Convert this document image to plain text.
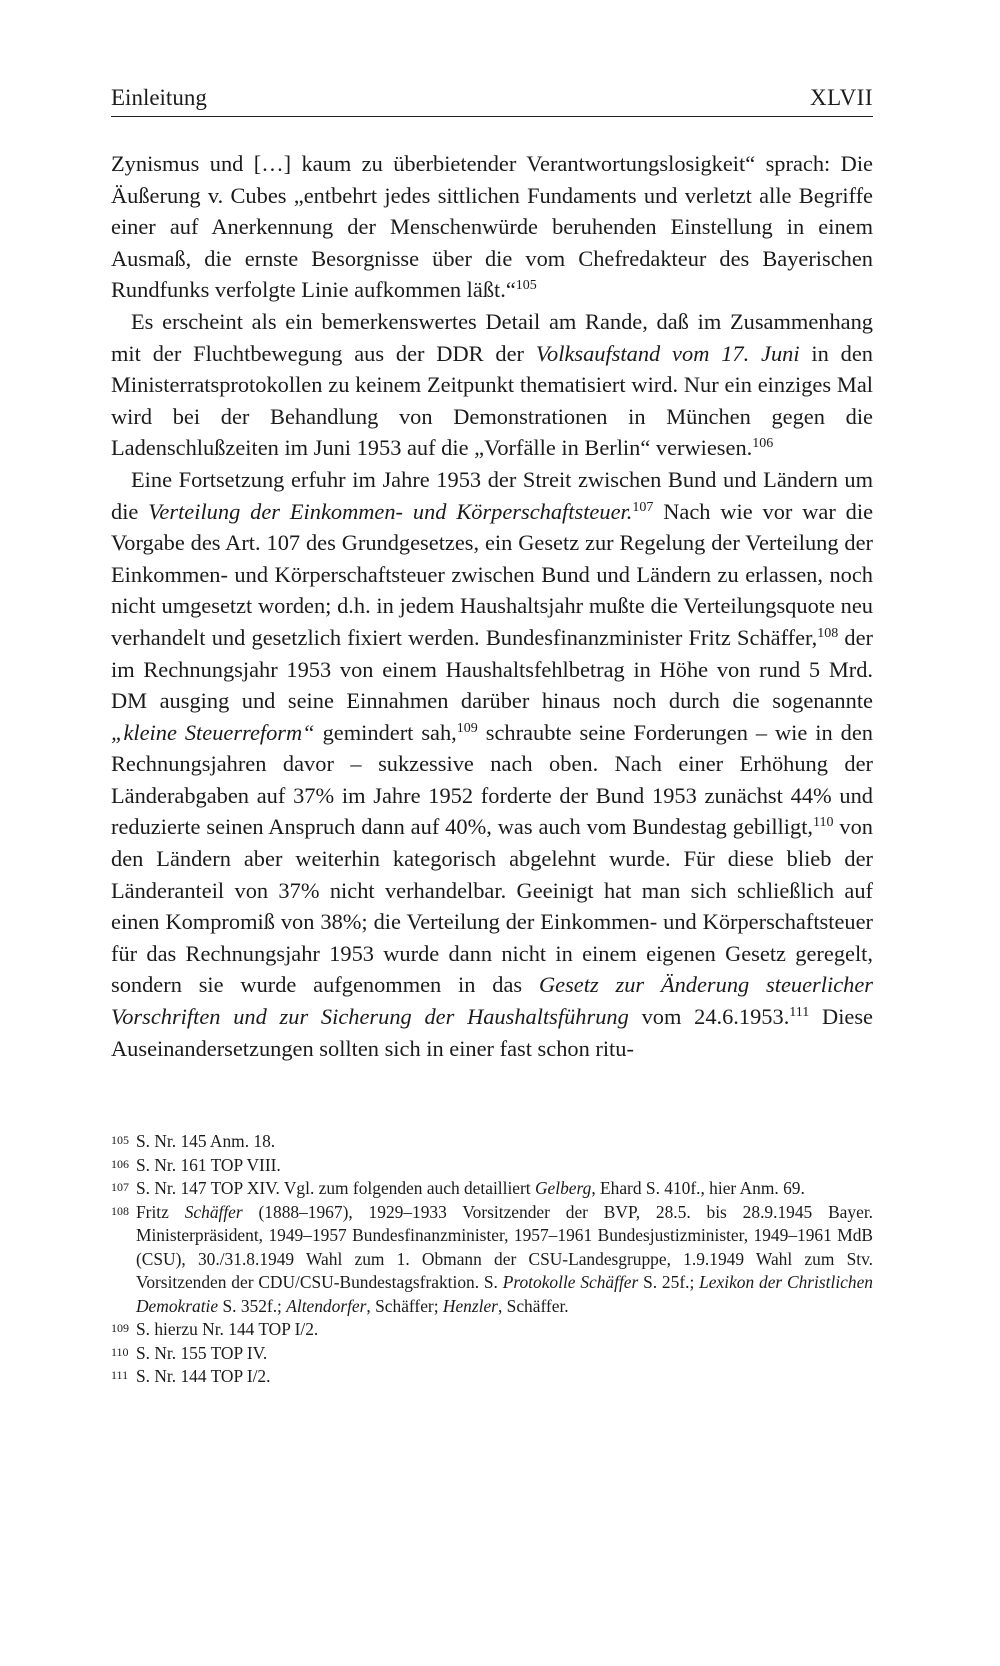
Einleitung	XLVII

Zynismus und […] kaum zu überbietender Verantwortungslosigkeit“ sprach: Die Äußerung v. Cubes „entbehrt jedes sittlichen Fundaments und verletzt alle Begriffe einer auf Anerkennung der Menschenwürde beruhenden Einstellung in einem Ausmaß, die ernste Besorgnisse über die vom Chefredakteur des Bayerischen Rundfunks verfolgte Linie aufkommen läßt.“$^{105}$

Es erscheint als ein bemerkenswertes Detail am Rande, daß im Zusammenhang mit der Fluchtbewegung aus der DDR der Volksaufstand vom 17. Juni in den Ministerratsprotokollen zu keinem Zeitpunkt thematisiert wird. Nur ein einziges Mal wird bei der Behandlung von Demonstrationen in München gegen die Ladenschlußzeiten im Juni 1953 auf die „Vorfälle in Berlin“ verwiesen.$^{106}$

Eine Fortsetzung erfuhr im Jahre 1953 der Streit zwischen Bund und Ländern um die Verteilung der Einkommen- und Körperschaftsteuer.$^{107}$ Nach wie vor war die Vorgabe des Art. 107 des Grundgesetzes, ein Gesetz zur Regelung der Verteilung der Einkommen- und Körperschaftsteuer zwischen Bund und Ländern zu erlassen, noch nicht umgesetzt worden; d.h. in jedem Haushaltsjahr mußte die Verteilungsquote neu verhandelt und gesetzlich fixiert werden. Bundesfinanzminister Fritz Schäffer,$^{108}$ der im Rechnungsjahr 1953 von einem Haushaltsfehlbetrag in Höhe von rund 5 Mrd. DM ausging und seine Einnahmen darüber hinaus noch durch die sogenannte „kleine Steuerreform“ gemindert sah,$^{109}$ schraubte seine Forderungen – wie in den Rechnungsjahren davor – sukzessive nach oben. Nach einer Erhöhung der Länderabgaben auf 37% im Jahre 1952 forderte der Bund 1953 zunächst 44% und reduzierte seinen Anspruch dann auf 40%, was auch vom Bundestag gebilligt,$^{110}$ von den Ländern aber weiterhin kategorisch abgelehnt wurde. Für diese blieb der Länderanteil von 37% nicht verhandelbar. Geeinigt hat man sich schließlich auf einen Kompromiß von 38%; die Verteilung der Einkommen- und Körperschaftsteuer für das Rechnungsjahr 1953 wurde dann nicht in einem eigenen Gesetz geregelt, sondern sie wurde aufgenommen in das Gesetz zur Änderung steuerlicher Vorschriften und zur Sicherung der Haushaltsführung vom 24.6.1953.$^{111}$ Diese Auseinandersetzungen sollten sich in einer fast schon ritu-

105 S. Nr. 145 Anm. 18.

106 S. Nr. 161 TOP VIII.

107 S. Nr. 147 TOP XIV. Vgl. zum folgenden auch detailliert Gelberg, Ehard S. 410f., hier Anm. 69.

108 Fritz Schäffer (1888–1967), 1929–1933 Vorsitzender der BVP, 28.5. bis 28.9.1945 Bayer. Ministerpräsident, 1949–1957 Bundesfinanzminister, 1957–1961 Bundesjustizminister, 1949–1961 MdB (CSU), 30./31.8.1949 Wahl zum 1. Obmann der CSU-Landesgruppe, 1.9.1949 Wahl zum Stv. Vorsitzenden der CDU/CSU-Bundestagsfraktion. S. Protokolle Schäffer S. 25f.; Lexikon der Christlichen Demokratie S. 352f.; Altendorfer, Schäffer; Henzler, Schäffer.

109 S. hierzu Nr. 144 TOP I/2.

110 S. Nr. 155 TOP IV.

111 S. Nr. 144 TOP I/2.
